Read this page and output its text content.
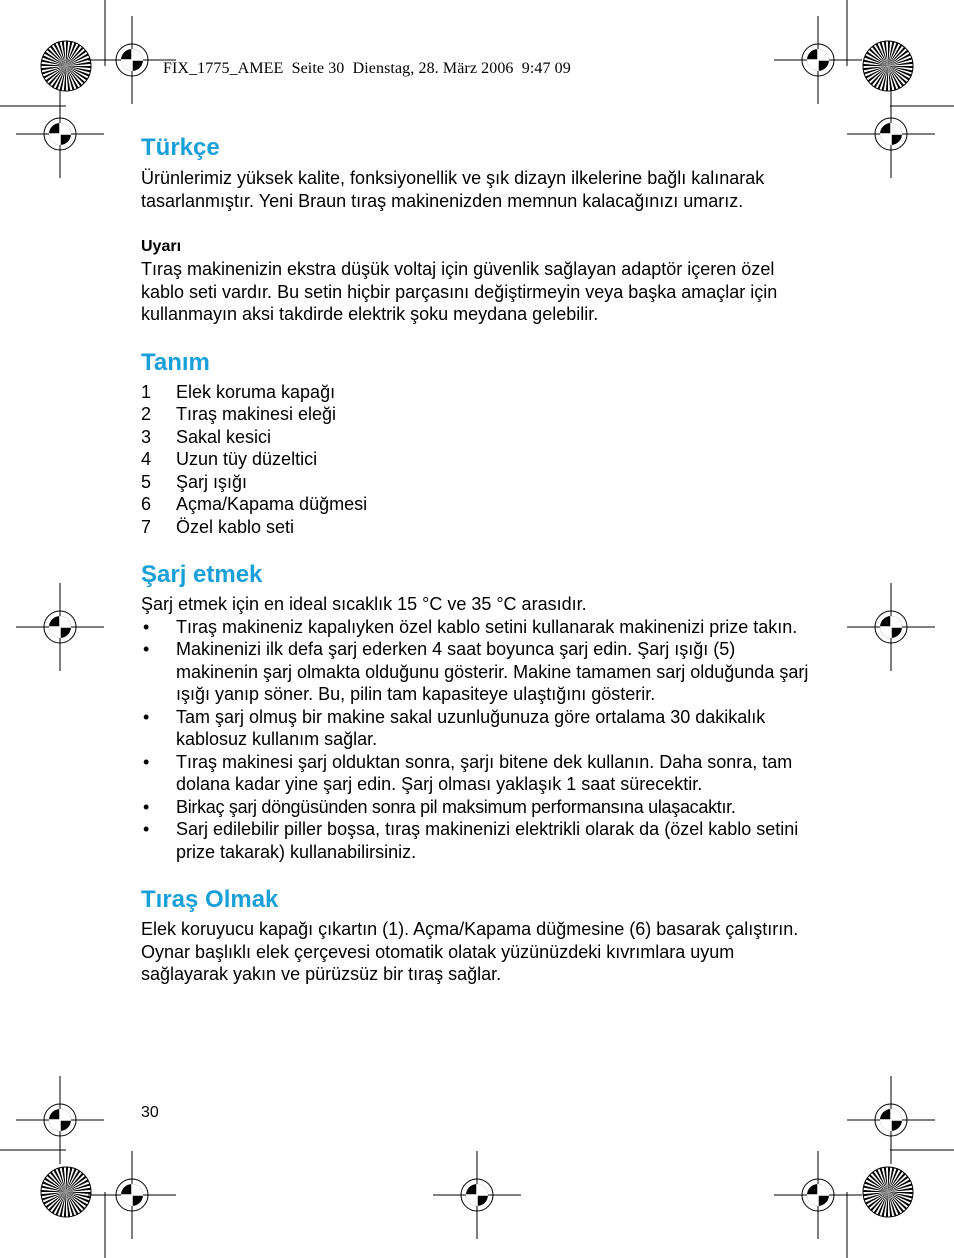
FIX_1775_AMEE  Seite 30  Dienstag, 28. März 2006  9:47 09
Türkçe

Ürünlerimiz yüksek kalite, fonksiyonellik ve şık dizayn ilkelerine bağlı kalınarak tasarlanmıştır. Yeni Braun tıraş makinenizden memnun kalacağınızı umarız.

Uyarı

Tıraş makinenizin ekstra düşük voltaj için güvenlik sağlayan adaptör içeren özel kablo seti vardır. Bu setin hiçbir parçasını değiştirmeyin veya başka amaçlar için kullanmayın aksi takdirde elektrik şoku meydana gelebilir.

Tanım
1	Elek koruma kapağı
2	Tıraş makinesi eleği
3	Sakal kesici
4	Uzun tüy düzeltici
5	Şarj ışığı
6	Açma/Kapama düğmesi
7	Özel kablo seti
Şarj etmek

Şarj etmek için en ideal sıcaklık 15 °C ve 35 °C arasıdır.

•	Tıraş makineniz kapalıyken özel kablo setini kullanarak makinenizi prize takın.
•	Makinenizi ilk defa şarj ederken 4 saat boyunca şarj edin. Şarj ışığı (5) makinenin şarj olmakta olduğunu gösterir. Makine tamamen sarj olduğunda şarj ışığı yanıp söner. Bu, pilin tam kapasiteye ulaştığını gösterir.
•	Tam şarj olmuş bir makine sakal uzunluğunuza göre ortalama 30 dakikalık kablosuz kullanım sağlar.
•	Tıraş makinesi şarj olduktan sonra, şarjı bitene dek kullanın. Daha sonra, tam dolana kadar yine şarj edin. Şarj olması yaklaşık 1 saat sürecektir.
•	Birkaç şarj döngüsünden sonra pil maksimum performansına ulaşacaktır.
•	Sarj edilebilir piller boşsa, tıraş makinenizi elektrikli olarak da (özel kablo setini prize takarak) kullanabilirsiniz.
Tıraş Olmak

Elek koruyucu kapağı çıkartın (1). Açma/Kapama düğmesine (6) basarak çalıştırın. Oynar başlıklı elek çerçevesi otomatik olatak yüzünüzdeki kıvrımlara uyum sağlayarak yakın ve pürüzsüz bir tıraş sağlar.

30
